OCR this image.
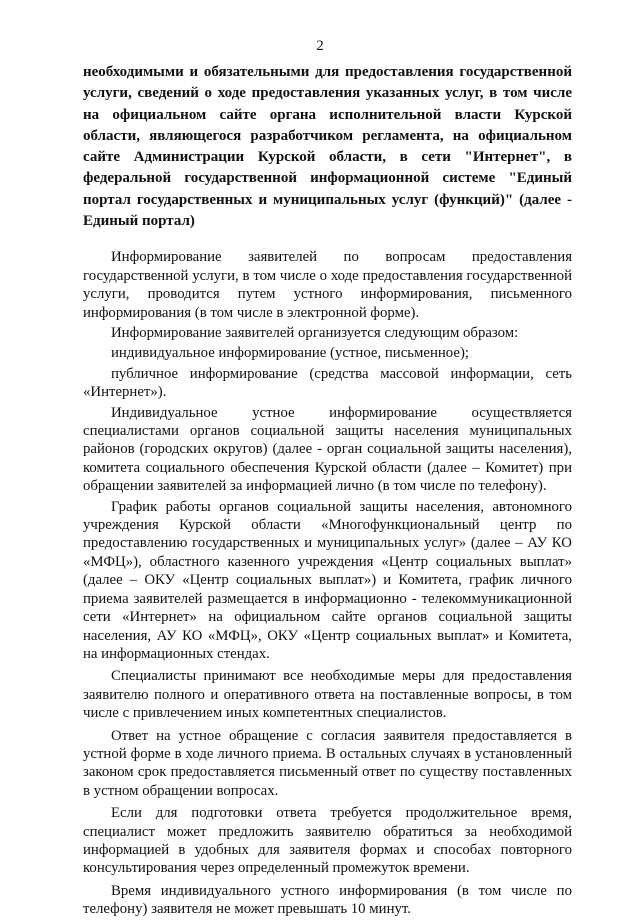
2

необходимыми и обязательными для предоставления государственной услуги, сведений о ходе предоставления указанных услуг, в том числе на официальном сайте органа исполнительной власти Курской области, являющегося разработчиком регламента, на официальном сайте Администрации Курской области, в сети "Интернет", в федеральной государственной информационной системе "Единый портал государственных и муниципальных услуг (функций)" (далее - Единый портал)

Информирование заявителей по вопросам предоставления государственной услуги, в том числе о ходе предоставления государственной услуги, проводится путем устного информирования, письменного информирования (в том числе в электронной форме).

Информирование заявителей организуется следующим образом:

индивидуальное информирование (устное, письменное);

публичное информирование (средства массовой информации, сеть «Интернет»).

Индивидуальное устное информирование осуществляется специалистами органов социальной защиты населения муниципальных районов (городских округов) (далее - орган социальной защиты населения), комитета социального обеспечения Курской области (далее – Комитет) при обращении заявителей за информацией лично (в том числе по телефону).

График работы органов социальной защиты населения, автономного учреждения Курской области «Многофункциональный центр по предоставлению государственных и муниципальных услуг» (далее – АУ КО «МФЦ»), областного казенного учреждения «Центр социальных выплат» (далее – ОКУ «Центр социальных выплат») и Комитета, график личного приема заявителей размещается в информационно - телекоммуникационной сети «Интернет» на официальном сайте органов социальной защиты населения, АУ КО «МФЦ», ОКУ «Центр социальных выплат» и Комитета, на информационных стендах.

Специалисты принимают все необходимые меры для предоставления заявителю полного и оперативного ответа на поставленные вопросы, в том числе с привлечением иных компетентных специалистов.

Ответ на устное обращение с согласия заявителя предоставляется в устной форме в ходе личного приема. В остальных случаях в установленный законом срок предоставляется письменный ответ по существу поставленных в устном обращении вопросах.

Если для подготовки ответа требуется продолжительное время, специалист может предложить заявителю обратиться за необходимой информацией в удобных для заявителя формах и способах повторного консультирования через определенный промежуток времени.

Время индивидуального устного информирования (в том числе по телефону) заявителя не может превышать 10 минут.
